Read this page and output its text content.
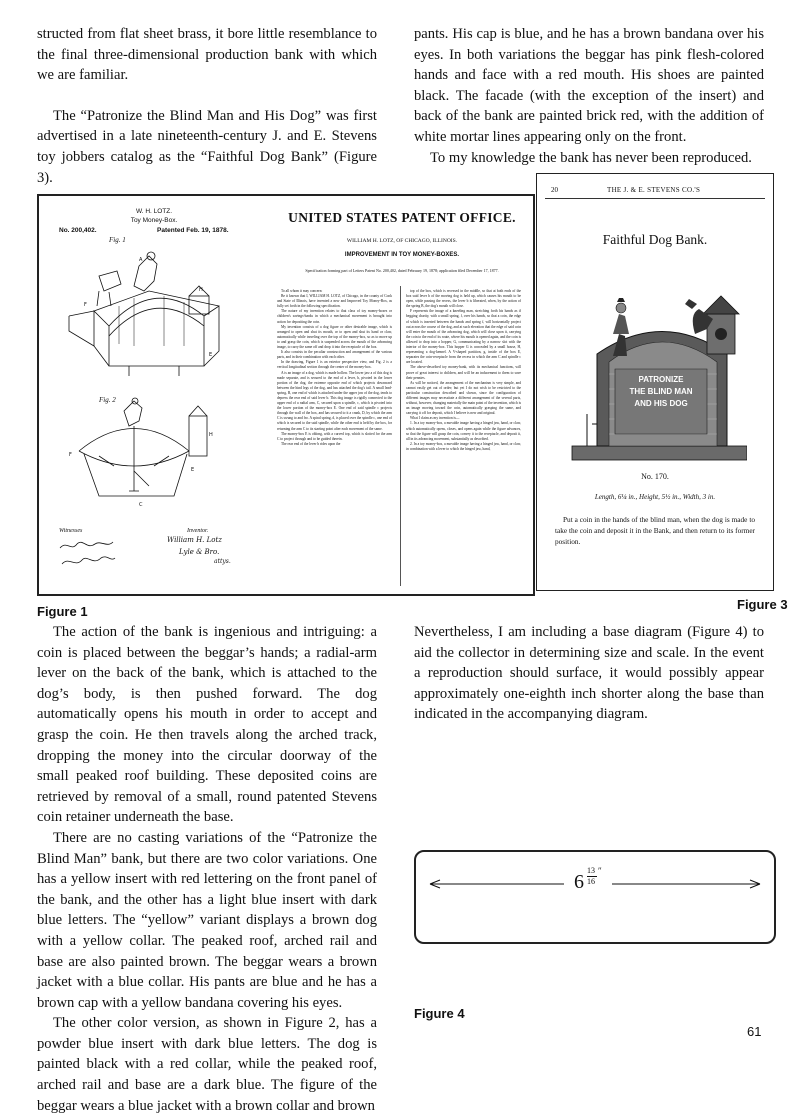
structed from flat sheet brass, it bore little resemblance to the final three-dimensional production bank with which we are familiar.

The “Patronize the Blind Man and His Dog” was first advertised in a late nineteenth-century J. and E. Stevens toy jobbers catalog as the “Faithful Dog Bank” (Figure 3).

pants. His cap is blue, and he has a brown bandana over his eyes. In both variations the beggar has pink flesh-colored hands and face with a red mouth. His shoes are painted black. The facade (with the exception of the insert) and back of the bank are painted brick red, with the addition of white mortar lines appearing only on the front.

To my knowledge the bank has never been reproduced.

W. H. LOTZ.
Toy Money-Box.
No. 200,402.	Patented Feb. 19, 1878.
Fig. 1
F
E
H
A
Fig. 2
H
E
F
C
Witnesses	Inventor.
William H. Lotz
Lyle & Bro.
attys.
UNITED STATES PATENT OFFICE.
WILLIAM H. LOTZ, OF CHICAGO, ILLINOIS.
IMPROVEMENT IN TOY MONEY-BOXES.
Specification forming part of Letters Patent No. 200,402, dated February 19, 1878; application filed December 17, 1877.

To all whom it may concern:

Be it known that I, WILLIAM H. LOTZ, of Chicago, in the county of Cook and State of Illinois, have invented a new and Improved Toy Money-Box, as fully set forth in the following specification.

The nature of my invention relates to that class of toy money-boxes or children's savings-banks in which a mechanical movement is brought into action for depositing the coin.

My invention consists of a dog figure or other desirable image, which is arranged to open and shut its mouth, or to open and shut its hand or claw, automatically while traveling over the top of the money-box, so as to move up to and grasp the coin, which is suspended across the mouth of the advancing image, to carry the same off and drop it into the receptacle of the box.

It also consists in the peculiar construction and arrangement of the various parts, and in their combination with each other.

In the drawing, Figure 1 is an exterior perspective view, and Fig. 2 is a vertical longitudinal section through the center of the money-box.

A is an image of a dog, which is made hollow. The lower jaw a of this dog is made separate, and is secured to the end of a lever, b, pivoted in the lower portion of the dog, the extreme opposite end of which projects downward between the hind legs of the dog, and has attached the dog's tail. A small lead-spring, B, one end of which is attached under the upper jaw of the dog, tends to depress the rear end of said lever b. This dog image is rigidly connected to the upper end of a radial arm, C, secured upon a spindle, c, which is pivoted into the lower portion of the money-box E. One end of said spindle c projects through the wall of the box, and has secured to it a crank, D, by which the arm C is swung to and fro. A spiral spring, d, is placed over the spindle c, one end of which is secured to the said spindle, while the other end is held by the box, for returning the arm C to its starting point after each movement of the same.

The money-box E is oblong, with a curved top, which is slotted for the arm C to project through and to be guided therein.

The rear end of the lever b rides upon the

top of the box, which is recessed in the middle, so that at both ends of the box said lever b of the moving dog is held up, which causes his mouth to be open, while passing the recess, the lever b is liberated, when, by the action of the spring B, the dog's mouth will close.

F represents the image of a kneeling man, stretching forth his hands as if begging charity, with a small spring, f, over his hands, so that a coin, the edge of which is inserted between the hands and spring f, will horizontally project out across the course of the dog, and at such elevation that the edge of said coin will enter the mouth of the advancing dog, which will close upon it, carrying the coin to the end of its route, where his mouth is opened again, and the coin is allowed to drop into a hopper, G, communicating by a narrow slot with the interior of the money-box. This hopper G is concealed by a small house, H, representing a dog-kennel. A V-shaped partition, g, inside of the box E, separates the coin-receptacle from the recess in which the arm C and spindle c are located.

The above-described toy money-bank, with its mechanical functions, will prove of great interest to children, and will be an inducement to them to save their pennies.

As will be noticed, the arrangement of the mechanism is very simple, and cannot easily get out of order; but yet I do not wish to be restricted to the particular construction described and shown, since the configuration of different images may necessitate a different arrangement of the several parts, without, however, changing materially the main point of the invention, which is an image moving toward the coin, automatically grasping the same, and carrying it off for deposit, which I believe is new and original.

What I claim as my invention is—

1. In a toy money-box, a movable image having a hinged jaw, hand, or claw, which automatically opens, closes, and opens again while the figure advances, so that the figure will grasp the coin, convey it to the receptacle, and deposit it, all in its advancing movement, substantially as described.

2. In a toy money-box, a movable image having a hinged jaw, hand, or claw, in combination with a lever to which the hinged jaw, hand,

Figure 1
20	THE J. & E. STEVENS CO.'S
Faithful Dog Bank.
PATRONIZE
THE BLIND MAN
AND HIS DOG
No. 170.
Length, 6¼ in., Height, 5½ in., Width, 3 in.
Put a coin in the hands of the blind man, when the dog is made to take the coin and deposit it in the Bank, and then return to its former position.
Figure 3

The action of the bank is ingenious and intriguing: a coin is placed between the beggar’s hands; a radial-arm lever on the back of the bank, which is attached to the dog’s body, is then pushed forward. The dog automatically opens his mouth in order to accept and grasp the coin. He then travels along the arched track, dropping the money into the circular doorway of the small peaked roof building. These deposited coins are retrieved by removal of a small, round patented Stevens coin retainer underneath the base.

There are no casting variations of the “Patronize the Blind Man” bank, but there are two color variations. One has a yellow insert with red lettering on the front panel of the bank, and the other has a light blue insert with dark blue letters. The “yellow” variant displays a brown dog with a yellow collar. The peaked roof, arched rail and base are also painted brown. The beggar wears a brown jacket with a blue collar. His pants are blue and he has a brown cap with a yellow bandana covering his eyes.

The other color version, as shown in Figure 2, has a powder blue insert with dark blue letters. The dog is painted black with a red collar, while the peaked roof, arched rail and base are a dark blue. The figure of the beggar wears a blue jacket with a brown collar and brown

Nevertheless, I am including a base diagram (Figure 4) to aid the collector in determining size and scale. In the event a reproduction should surface, it would possibly appear approximately one-eighth inch shorter along the base than indicated in the accompanying diagram.

6
13
16
″
Figure 4
61
